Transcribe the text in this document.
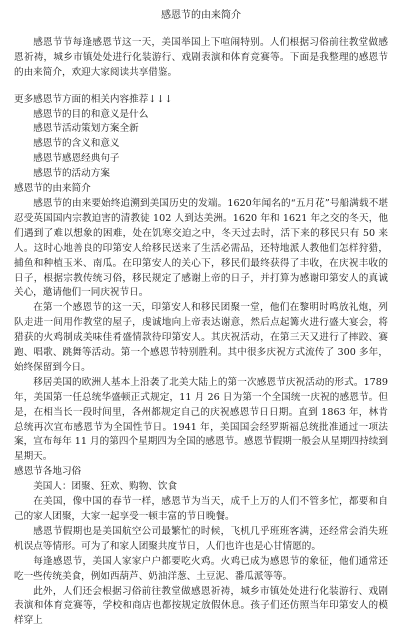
感恩节的由来简介

感恩节节每逢感恩节这一天，美国举国上下喧闹特别。人们根据习俗前往教堂做感恩祈祷，城乡市镇处处进行化装游行、戏剧表演和体育竞赛等。下面是我整理的感恩节的由来简介，欢迎大家阅读共享借鉴。

更多感恩节方面的相关内容推荐↓↓↓
感恩节的目的和意义是什么
感恩节活动策划方案全新
感恩节的含义和意义
感恩节感恩经典句子
感恩节的活动方案
感恩节的由来简介

感恩节的由来要始终追溯到美国历史的发端。1620年闻名的“五月花”号船满载不堪忍受英国国内宗教迫害的清教徒 102 人到达美洲。1620 年和 1621 年之交的冬天，他们遇到了难以想象的困难，处在饥寒交迫之中，冬天过去时，活下来的移民只有 50 来人。这时心地善良的印第安人给移民送来了生活必需品，还特地派人教他们怎样狩猎，捕鱼和种植玉米、南瓜。在印第安人的关心下，移民们最终获得了丰收，在庆祝丰收的日子，根据宗教传统习俗，移民规定了感谢上帝的日子，并打算为感谢印第安人的真诚关心，邀请他们一同庆祝节日。

在第一个感恩节的这一天，印第安人和移民团聚一堂，他们在黎明时鸣放礼炮，列队走进一间用作教堂的屋子，虔诚地向上帝表达谢意，然后点起篝火进行盛大宴会，将猎获的火鸡制成美味佳肴盛情款待印第安人。其庆祝活动，在第三天又进行了摔跤、赛跑、唱歌、跳舞等活动。第一个感恩节特别胜利。其中很多庆祝方式流传了 300 多年，始终保留到今日。

移居美国的欧洲人基本上沿袭了北美大陆上的第一次感恩节庆祝活动的形式。1789 年，美国第一任总统华盛顿正式规定，11 月 26 日为第一个全国统一庆祝的感恩节。但是，在相当长一段时间里，各州都规定自己的庆祝感恩节日日期。直到 1863 年，林肯总统再次宣布感恩节为全国性节日。1941 年，美国国会经罗斯福总统批准通过一项法案，宣布每年 11 月的第四个星期四为全国的感恩节。感恩节假期一般会从星期四持续到星期天。

感恩节各地习俗
美国人：团聚、狂欢、购物、饮食

在美国，像中国的春节一样，感恩节为当天，成千上万的人们不管多忙，都要和自己的家人团聚，大家一起享受一顿丰富的节日晚餐。

感恩节假期也是美国航空公司最繁忙的时候，飞机几乎班班客满，还经常会消失班机误点等情形。可为了和家人团聚共度节日，人们也许也是心甘情愿的。

每逢感恩节，美国人家家户户都要吃火鸡。火鸡已成为感恩节的象征，他们通常还吃一些传统美食，例如西葫芦、奶油洋葱、土豆泥、番瓜派等等。

此外，人们还会根据习俗前往教堂做感恩祈祷，城乡市镇处处进行化装游行、戏剧表演和体育竞赛等，学校和商店也都按规定放假休息。孩子们还仿照当年印第安人的模样穿上
